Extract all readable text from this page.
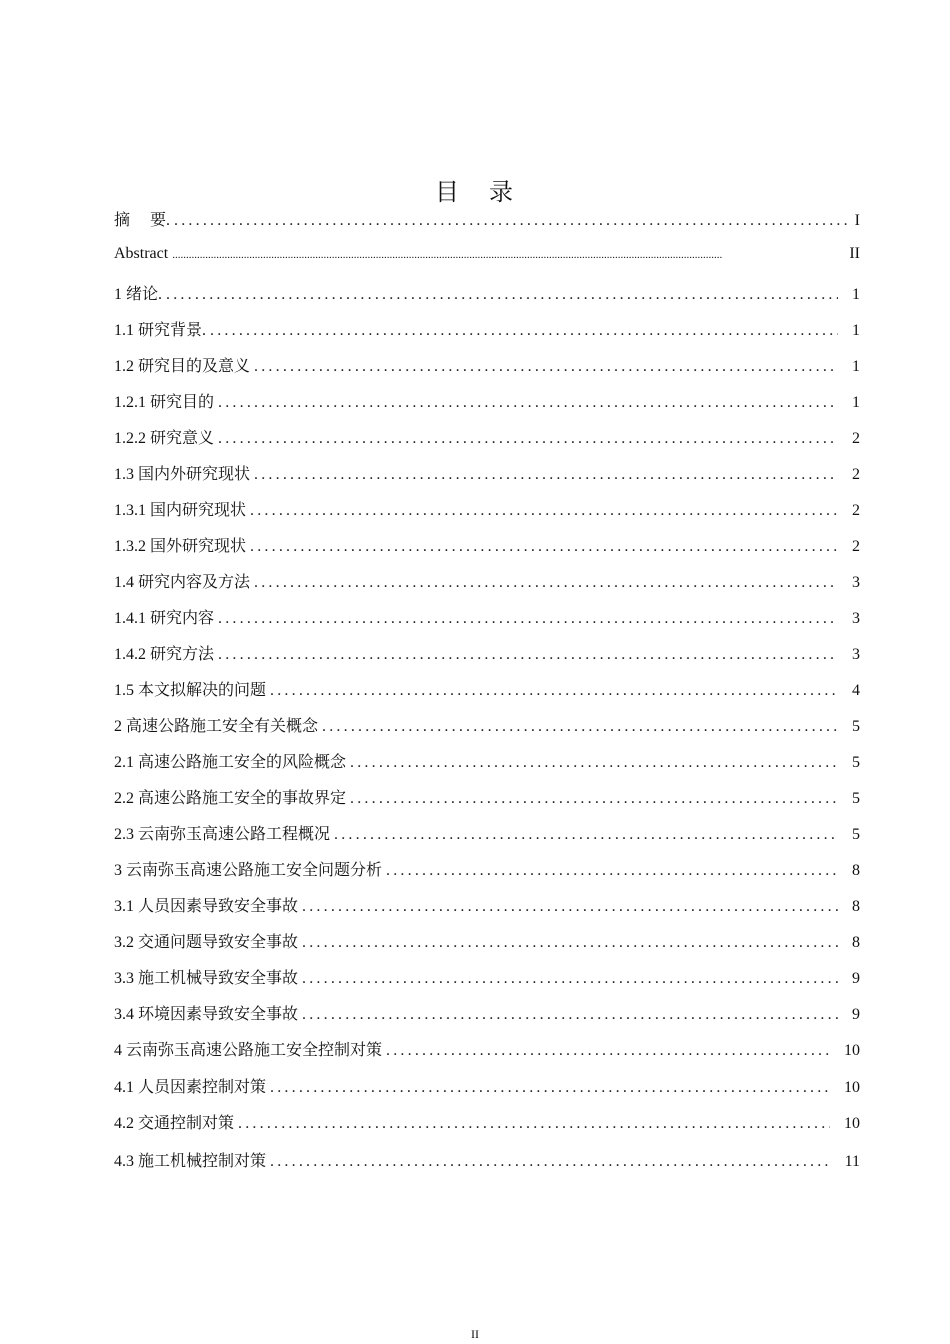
目 录
摘　 要. .....	I
Abstract .....	II
1 绪论. .....	1
1.1 研究背景. .....	1
1.2 研究目的及意义 .....	1
1.2.1 研究目的 .....	1
1.2.2 研究意义 .....	2
1.3 国内外研究现状 .....	2
1.3.1 国内研究现状 .....	2
1.3.2 国外研究现状 .....	2
1.4 研究内容及方法 .....	3
1.4.1 研究内容 .....	3
1.4.2 研究方法 .....	3
1.5 本文拟解决的问题 .....	4
2 高速公路施工安全有关概念 .....	5
2.1 高速公路施工安全的风险概念 .....	5
2.2 高速公路施工安全的事故界定 .....	5
2.3 云南弥玉高速公路工程概况 .....	5
3 云南弥玉高速公路施工安全问题分析 .....	8
3.1 人员因素导致安全事故 .....	8
3.2 交通问题导致安全事故 .....	8
3.3 施工机械导致安全事故 .....	9
3.4 环境因素导致安全事故 .....	9
4 云南弥玉高速公路施工安全控制对策 .....	10
4.1 人员因素控制对策 .....	10
4.2 交通控制对策 .....	10
4.3 施工机械控制对策 .....	11
II
